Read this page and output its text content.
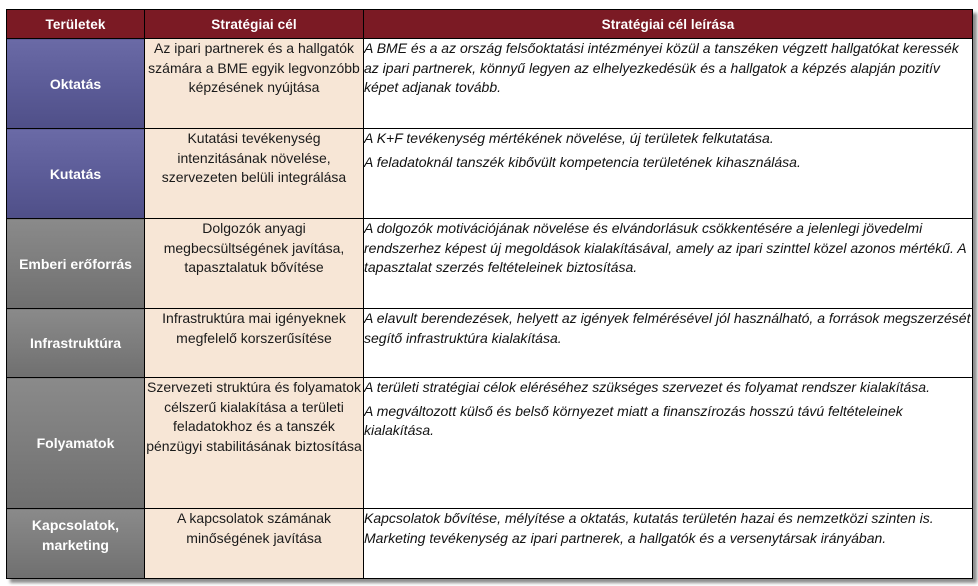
Területek	Stratégiai cél	Stratégiai cél leírása
Oktatás	Az ipari partnerek és a hallgatók számára a BME egyik legvonzóbb képzésének nyújtása	A BME és a az ország felsőoktatási intézményei közül a tanszéken végzett hallgatókat keressék az ipari partnerek, könnyű legyen az elhelyezkedésük és a hallgatok a képzés alapján pozitív képet adjanak tovább.

Kutatás	Kutatási tevékenység intenzitásának növelése, szervezeten belüli integrálása	A K+F tevékenység mértékének növelése, új területek felkutatása.

A feladatoknál tanszék kibővült kompetencia területének kihasználása.

Emberi erőforrás	Dolgozók anyagi megbecsültségének javítása, tapasztalatuk bővítése	A dolgozók motivációjának növelése és elvándorlásuk csökkentésére a jelenlegi jövedelmi rendszerhez képest új megoldások kialakításával, amely az ipari szinttel közel azonos mértékű. A tapasztalat szerzés feltételeinek biztosítása.

Infrastruktúra	Infrastruktúra mai igényeknek megfelelő korszerűsítése	A elavult berendezések, helyett az igények felmérésével jól használható, a források megszerzését segítő infrastruktúra kialakítása.

Folyamatok	Szervezeti struktúra és folyamatok célszerű kialakítása a területi feladatokhoz és a tanszék pénzügyi stabilitásának biztosítása	A területi stratégiai célok eléréséhez szükséges szervezet és folyamat rendszer kialakítása.

A megváltozott külső és belső környezet miatt a finanszírozás hosszú távú feltételeinek kialakítása.

Kapcsolatok, marketing	A kapcsolatok számának minőségének javítása	Kapcsolatok bővítése, mélyítése a oktatás, kutatás területén hazai és nemzetközi szinten is. Marketing tevékenység az ipari partnerek, a hallgatók és a versenytársak irányában.
